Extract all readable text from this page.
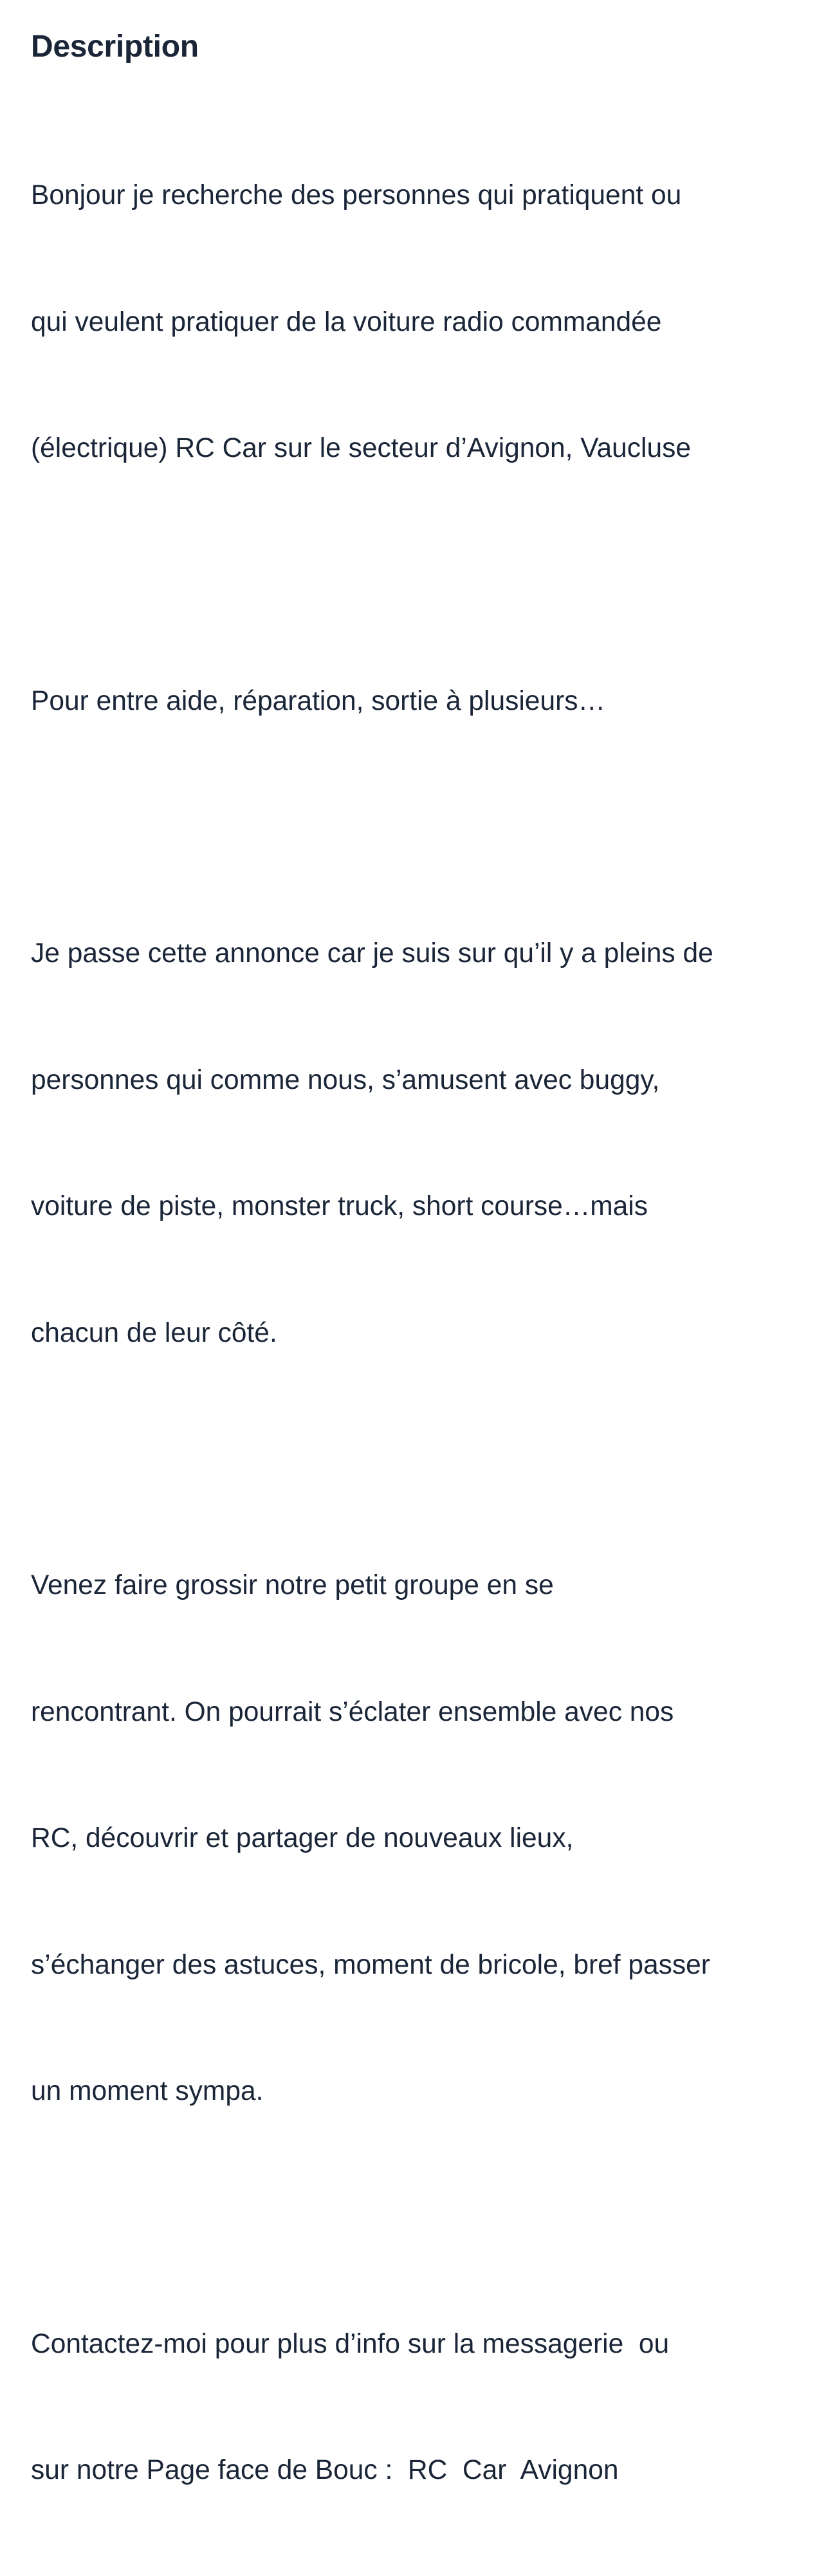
Description

Bonjour je recherche des personnes qui pratiquent ou

qui veulent pratiquer de la voiture radio commandée

(électrique) RC Car sur le secteur d’Avignon, Vaucluse

Pour entre aide, réparation, sortie à plusieurs…

Je passe cette annonce car je suis sur qu’il y a pleins de

personnes qui comme nous, s’amusent avec buggy,

voiture de piste, monster truck, short course…mais

chacun de leur côté.

Venez faire grossir notre petit groupe en se

rencontrant. On pourrait s’éclater ensemble avec nos

RC, découvrir et partager de nouveaux lieux,

s’échanger des astuces, moment de bricole, bref passer

un moment sympa.

Contactez-moi pour plus d’info sur la messagerie  ou

sur notre Page face de Bouc :  RC  Car  Avignon
